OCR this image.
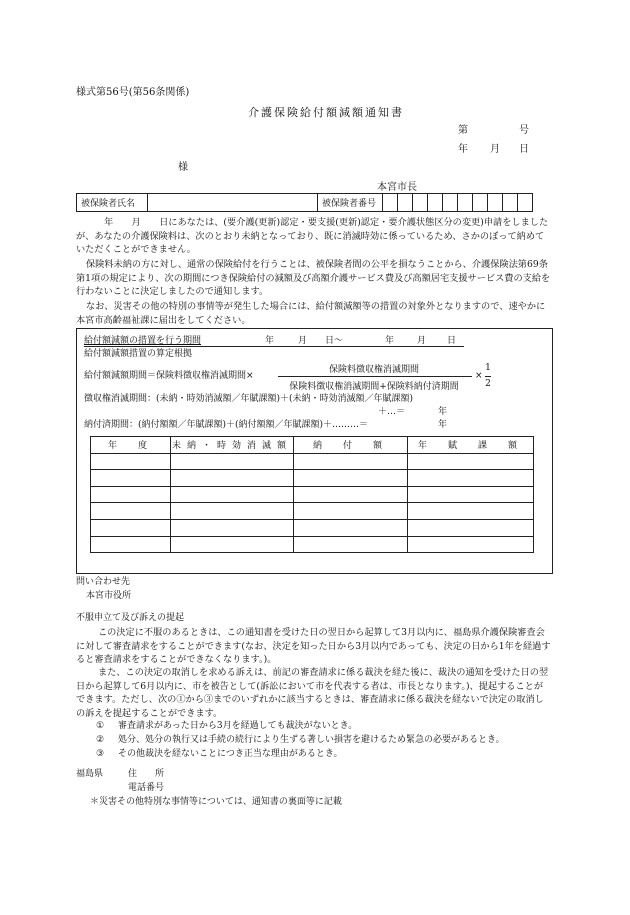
様式第56号(第56条関係)
介護保険給付額減額通知書
第	号
年 月 日
様
本宮市長
被保険者氏名		被保険者番号										
年　　月　　日にあなたは、(要介護(更新)認定・要支援(更新)認定・要介護状態区分の変更)申請をしましたが、あなたの介護保険料は、次のとおり未納となっており、既に消滅時効に係っているため、さかのぼって納めていただくことができません。
保険料未納の方に対し、通常の保険給付を行うことは、被保険者間の公平を損なうことから、介護保険法第69条第1項の規定により、次の期間につき保険給付の減額及び高額介護サービス費及び高額居宅支援サービス費の支給を行わないことに決定しましたので通知します。
なお、災害その他の特別の事情等が発生した場合には、給付額減額等の措置の対象外となりますので、速やかに本宮市高齢福祉課に届出をしてください。
給付額減額の措置を行う期間	年	月 日～	年	月 日
給付額減額措置の算定根拠
給付額減額期間＝保険料徴収権消滅期間×
保険料徴収権消滅期間
保険料徴収権消滅期間+保険料納付済期間
×
1
2
徴収権消滅期間：(未納・時効消滅額／年賦課額)＋(未納・時効消滅額／年賦課額)
＋…＝	年
納付済期間：(納付額額／年賦課額)＋(納付額額／年賦課額)＋………＝	年
年　度	未納・時効消滅額	納　付　額	年　賦　課　額

問い合わせ先
本宮市役所
不服申立て及び訴えの提起
この決定に不服のあるときは、この通知書を受けた日の翌日から起算して3月以内に、福島県介護保険審査会に対して審査請求をすることができます(なお、決定を知った日から3月以内であっても、決定の日から1年を経過すると審査請求をすることができなくなります。)。
また、この決定の取消しを求める訴えは、前記の審査請求に係る裁決を経た後に、裁決の通知を受けた日の翌日から起算して6月以内に、市を被告として(訴訟において市を代表する者は、市長となります。)、提起することができます。ただし、次の①から③までのいずれかに該当するときは、審査請求に係る裁決を経ないで決定の取消しの訴えを提起することができます。
① 審査請求があった日から3月を経過しても裁決がないとき。
② 処分、処分の執行又は手続の続行により生ずる著しい損害を避けるため緊急の必要があるとき。
③ その他裁決を経ないことにつき正当な理由があるとき。
福島県	住　　所
電話番号
＊災害その他特別な事情等については、通知書の裏面等に記載
